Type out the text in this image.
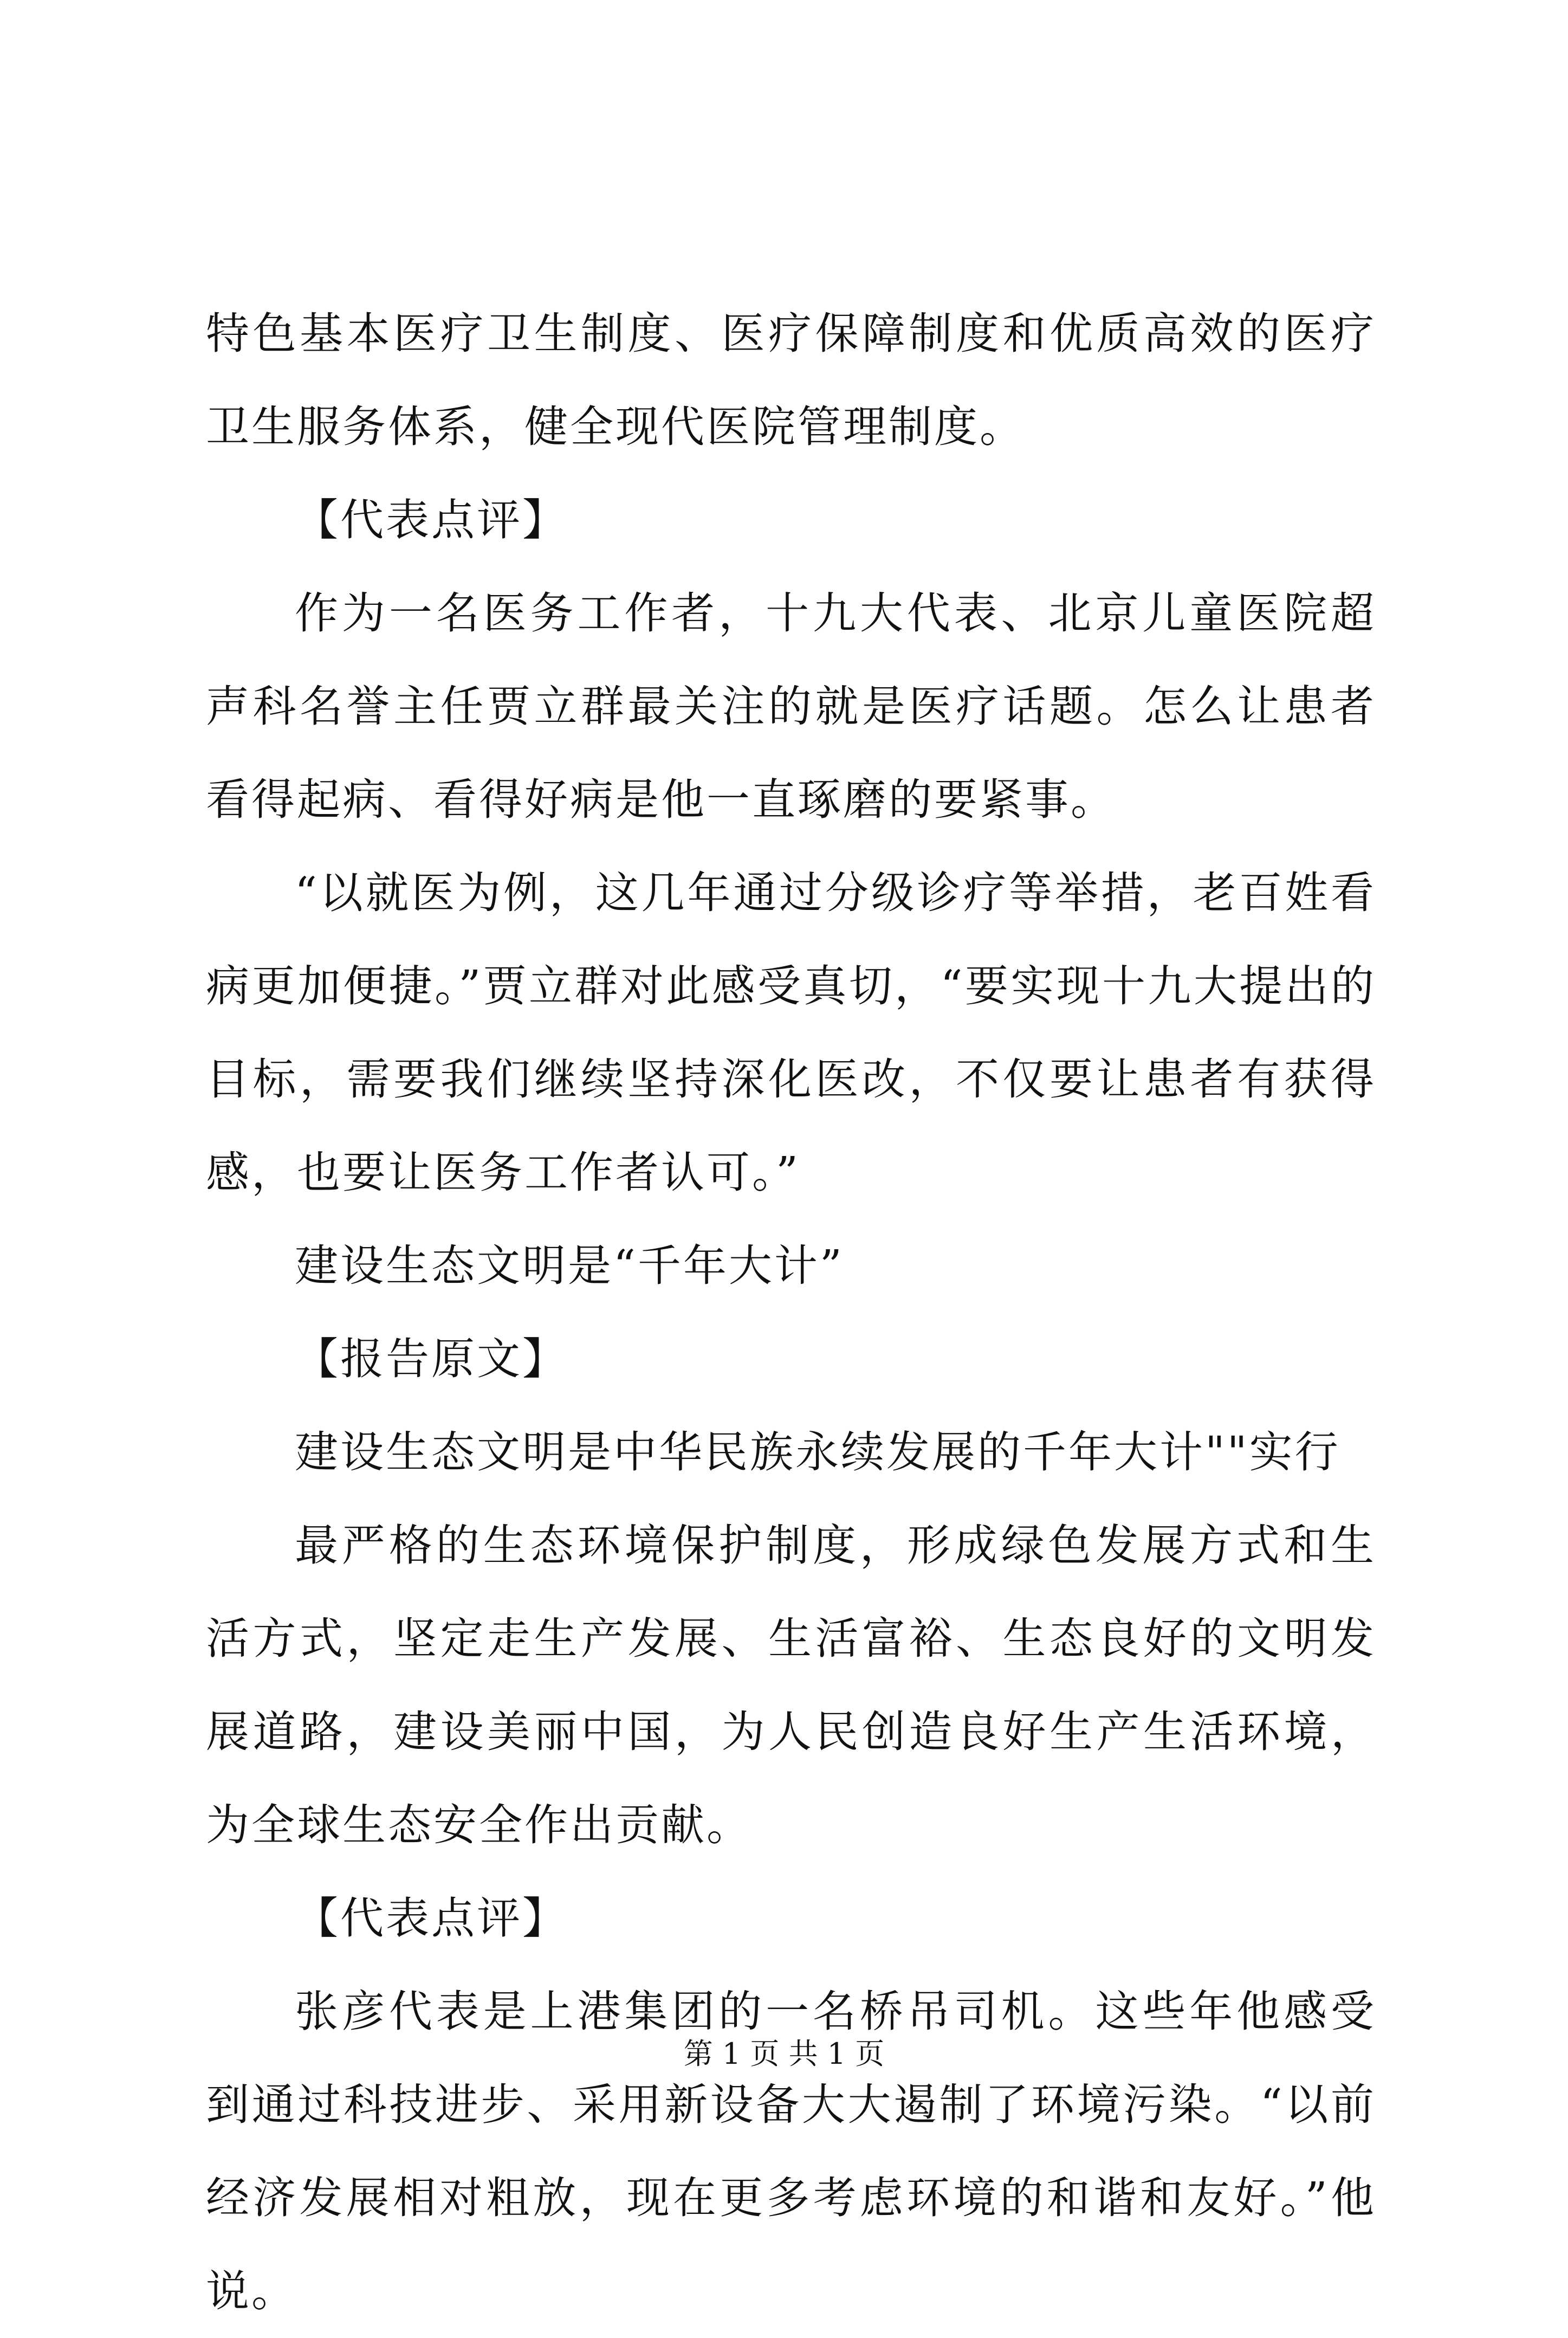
特色基本医疗卫生制度、医疗保障制度和优质高效的医疗卫生服务体系，健全现代医院管理制度。

【代表点评】

作为一名医务工作者，十九大代表、北京儿童医院超声科名誉主任贾立群最关注的就是医疗话题。怎么让患者看得起病、看得好病是他一直琢磨的要紧事。

“以就医为例，这几年通过分级诊疗等举措，老百姓看病更加便捷。”贾立群对此感受真切，“要实现十九大提出的目标，需要我们继续坚持深化医改，不仅要让患者有获得感，也要让医务工作者认可。”

建设生态文明是“千年大计”

【报告原文】

建设生态文明是中华民族永续发展的千年大计""实行

最严格的生态环境保护制度，形成绿色发展方式和生活方式，坚定走生产发展、生活富裕、生态良好的文明发展道路，建设美丽中国，为人民创造良好生产生活环境，为全球生态安全作出贡献。

【代表点评】

张彦代表是上港集团的一名桥吊司机。这些年他感受到通过科技进步、采用新设备大大遏制了环境污染。“以前经济发展相对粗放，现在更多考虑环境的和谐和友好。”他说。

第 1 页 共 1 页
